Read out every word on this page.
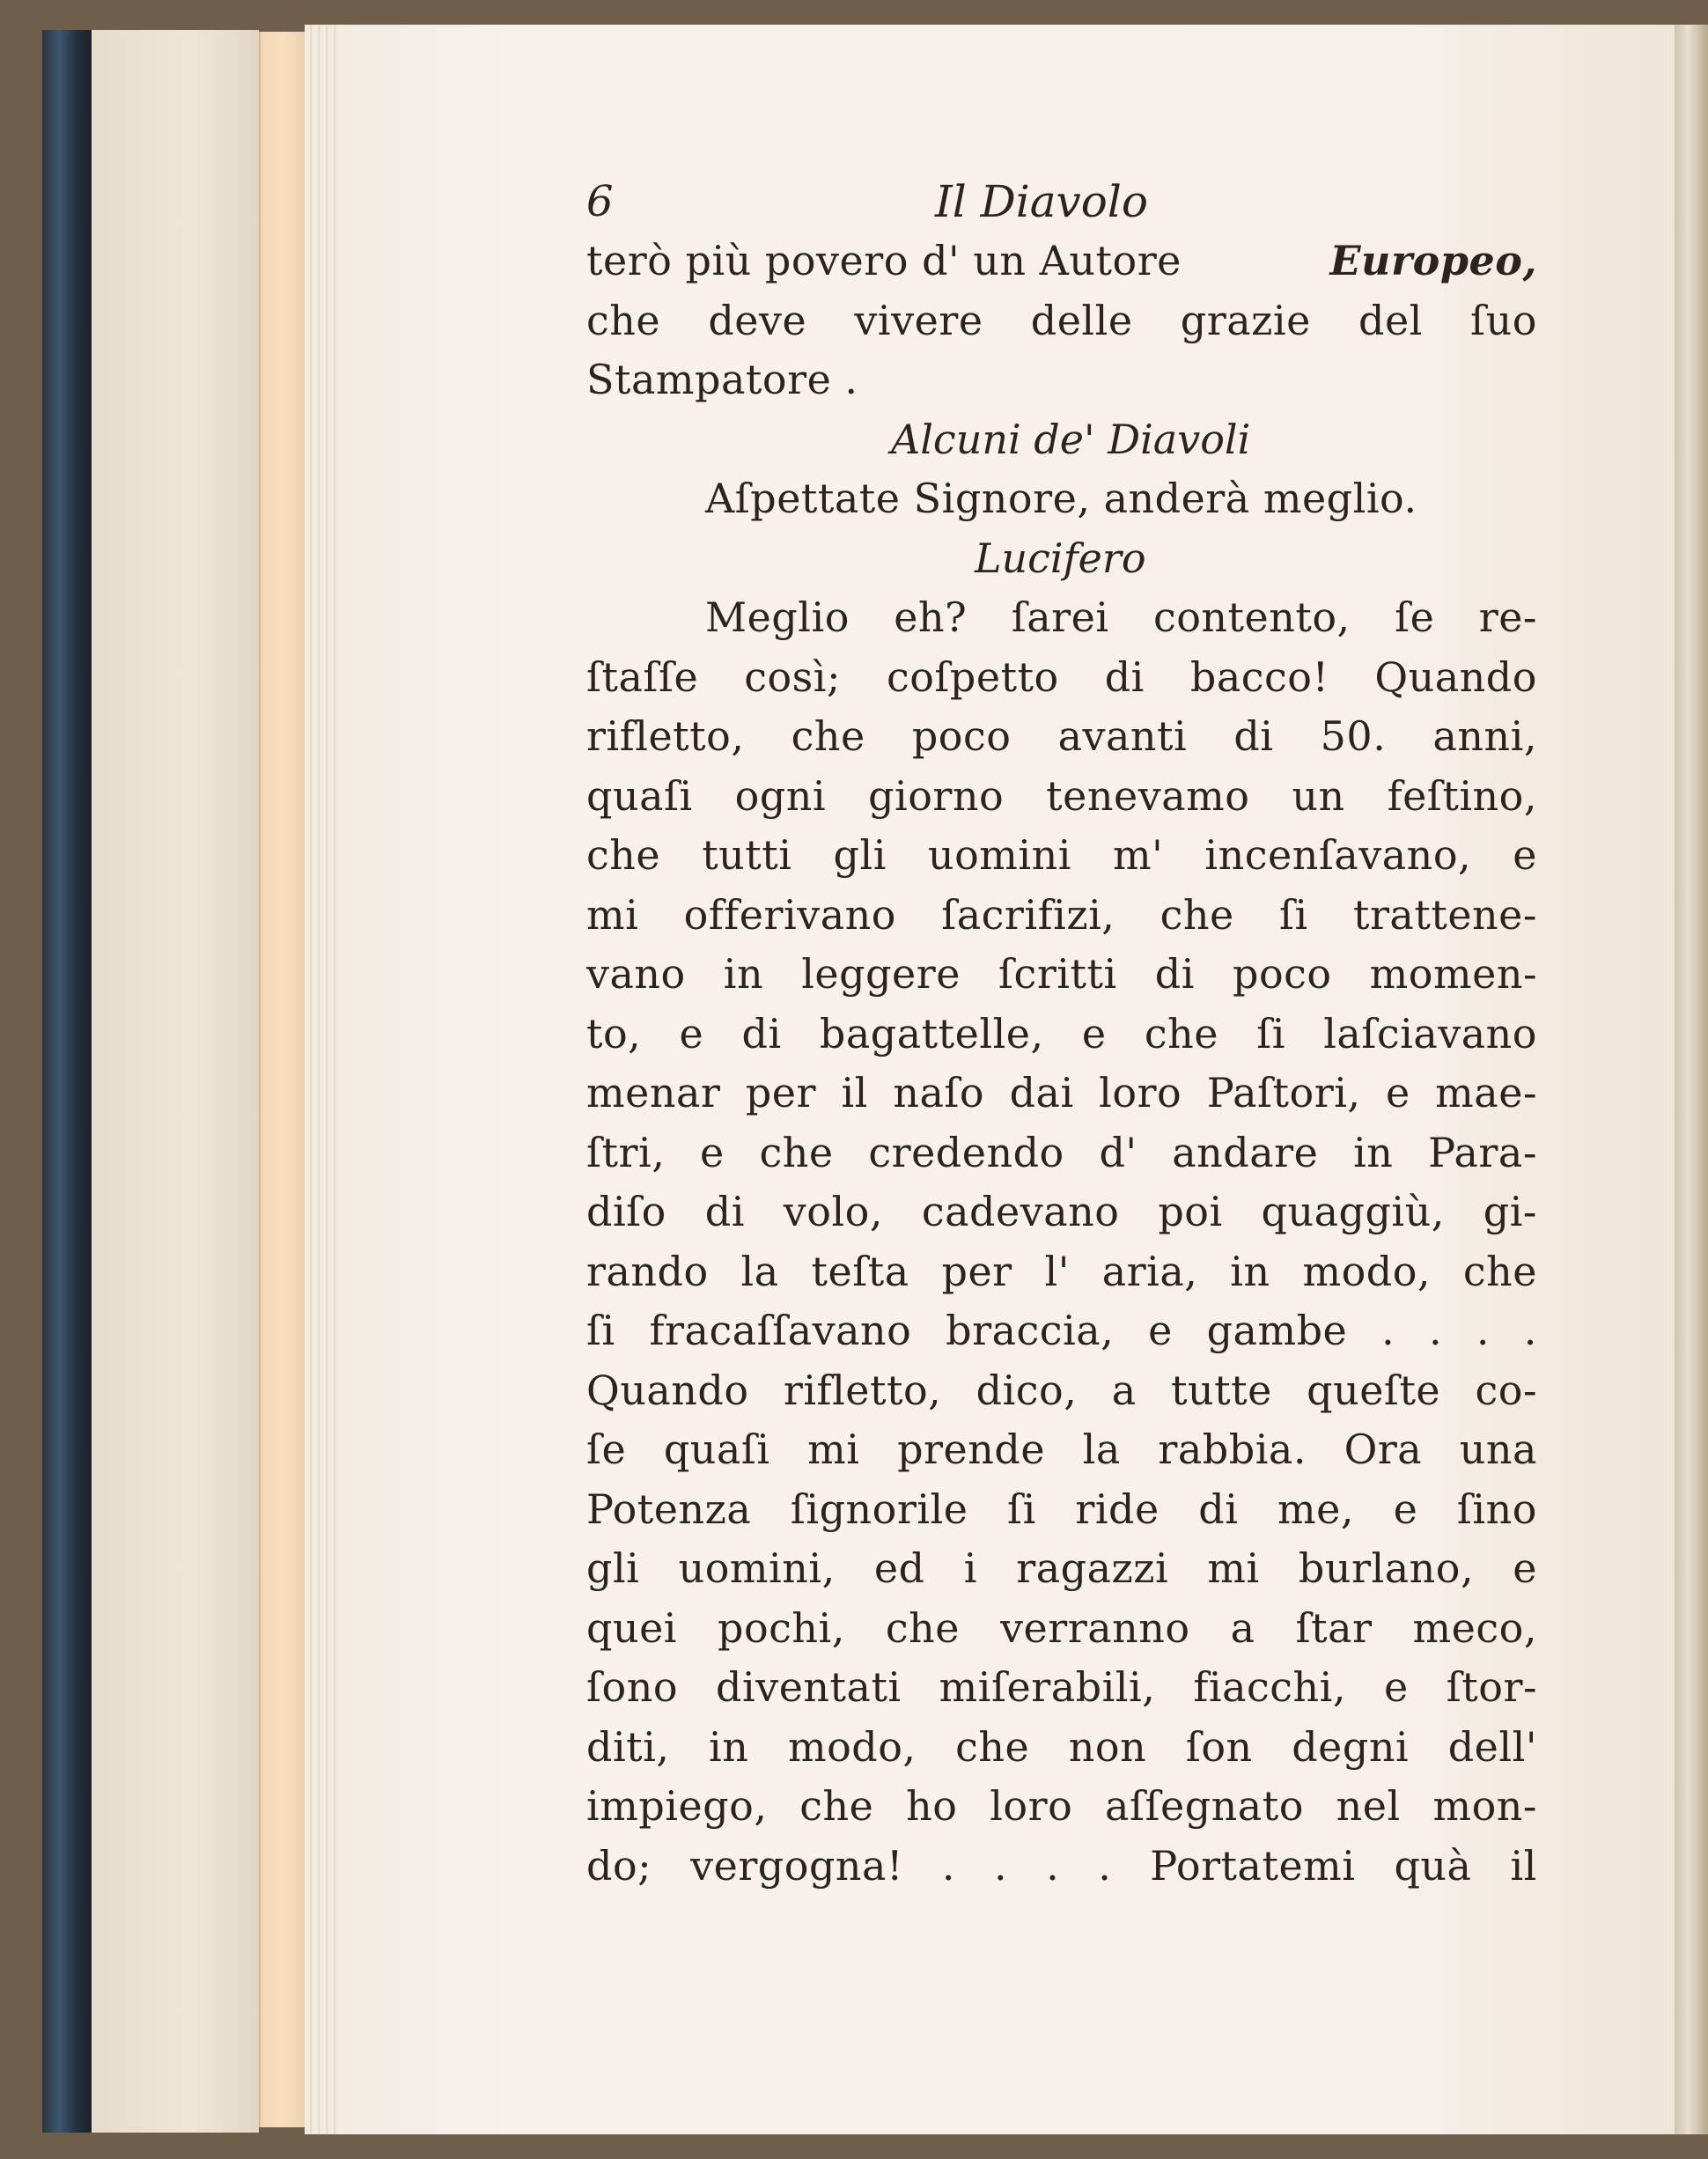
6	Il Diavolo
terò più povero d' un Autore	Europeo,
che deve vivere delle grazie del ſuo
Stampatore .
Alcuni de' Diavoli
Aſpettate Signore, anderà meglio.
Lucifero
Meglio eh? ſarei contento, ſe re-
ſtaſſe così; coſpetto di bacco! Quando
rifletto, che poco avanti di 50. anni,
quaſi ogni giorno tenevamo un feſtino,
che tutti gli uomini m' incenſavano, e
mi offerivano ſacrifizi, che ſi trattene-
vano in leggere ſcritti di poco momen-
to, e di bagattelle, e che ſi laſciavano
menar per il naſo dai loro Paſtori, e mae-
ſtri, e che credendo d' andare in Para-
diſo di volo, cadevano poi quaggiù, gi-
rando la teſta per l' aria, in modo, che
ſi fracaſſavano braccia, e gambe . . . .
Quando rifletto, dico, a tutte queſte co-
ſe quaſi mi prende la rabbia. Ora una
Potenza ſignorile ſi ride di me, e ſino
gli uomini, ed i ragazzi mi burlano, e
quei pochi, che verranno a ſtar meco,
ſono diventati miſerabili, fiacchi, e ſtor-
diti, in modo, che non ſon degni dell'
impiego, che ho loro aſſegnato nel mon-
do; vergogna! . . . . Portatemi quà il
